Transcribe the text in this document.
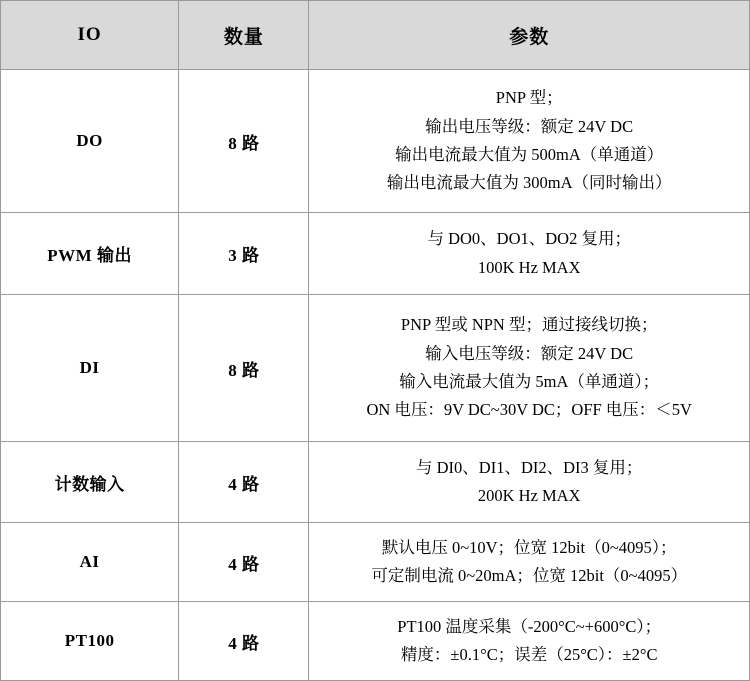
IO	数量	参数
DO	8 路	PNP 型；
输出电压等级：额定 24V DC
输出电流最大值为 500mA（单通道）
输出电流最大值为 300mA（同时输出）

PWM 输出	3 路	与 DO0、DO1、DO2 复用；
100K Hz MAX

DI	8 路	PNP 型或 NPN 型；通过接线切换；
输入电压等级：额定 24V DC
输入电流最大值为 5mA（单通道）；
ON 电压：9V DC~30V DC；OFF 电压：＜5V

计数输入	4 路	与 DI0、DI1、DI2、DI3 复用；
200K Hz MAX

AI	4 路	默认电压 0~10V；位宽 12bit（0~4095）；
可定制电流 0~20mA；位宽 12bit（0~4095）

PT100	4 路	PT100 温度采集（-200°C~+600°C）；
精度：±0.1°C；误差（25°C）：±2°C
